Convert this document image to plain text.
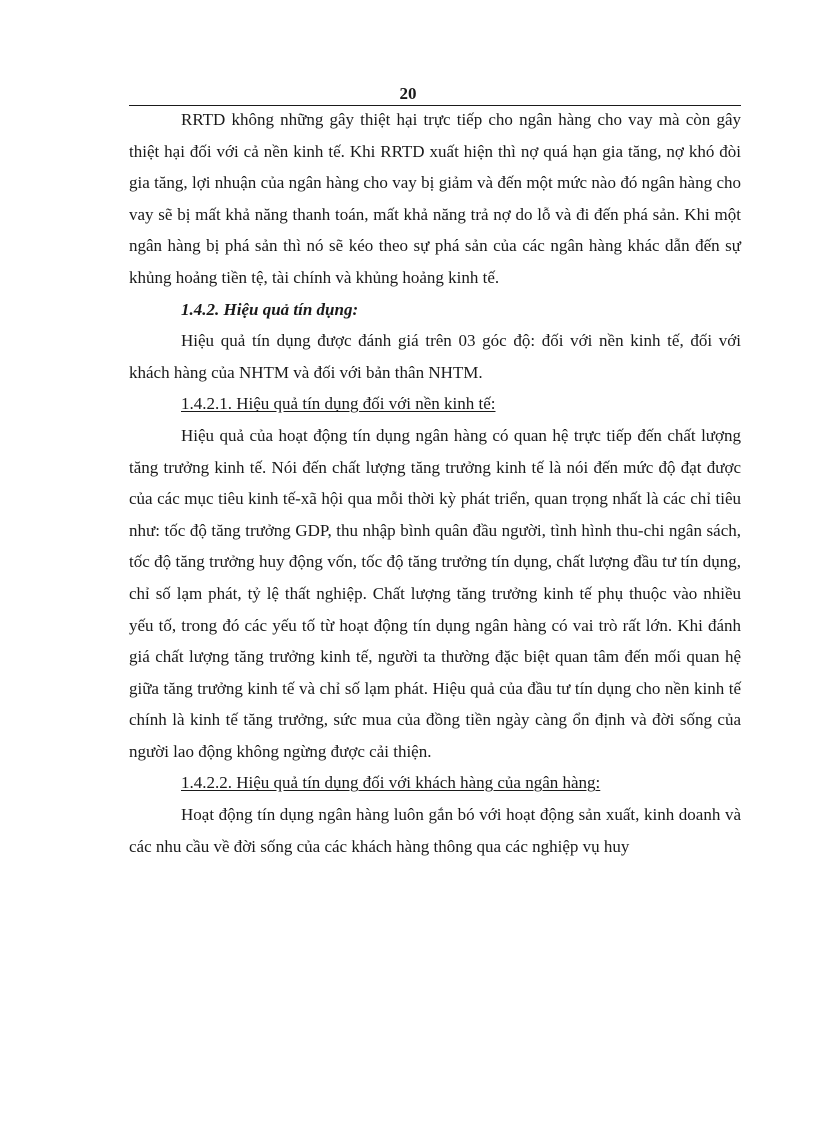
20

RRTD không những gây thiệt hại trực tiếp cho ngân hàng cho vay mà còn gây thiệt hại đối với cả nền kinh tế. Khi RRTD xuất hiện thì nợ quá hạn gia tăng, nợ khó đòi gia tăng, lợi nhuận của ngân hàng cho vay bị giảm và đến một mức nào đó ngân hàng cho vay sẽ bị mất khả năng thanh toán, mất khả năng trả nợ do lỗ và đi đến phá sản. Khi một ngân hàng bị phá sản thì nó sẽ kéo theo sự phá sản của các ngân hàng khác dẫn đến sự khủng hoảng tiền tệ, tài chính và khủng hoảng kinh tế.

1.4.2. Hiệu quả tín dụng:

Hiệu quả tín dụng được đánh giá trên 03 góc độ: đối với nền kinh tế, đối với khách hàng của NHTM và đối với bản thân NHTM.

1.4.2.1. Hiệu quả tín dụng đối với nền kinh tế:

Hiệu quả của hoạt động tín dụng ngân hàng có quan hệ trực tiếp đến chất lượng tăng trưởng kinh tế. Nói đến chất lượng tăng trưởng kinh tế là nói đến mức độ đạt được của các mục tiêu kinh tế-xã hội qua mỗi thời kỳ phát triển, quan trọng nhất là các chỉ tiêu như: tốc độ tăng trưởng GDP, thu nhập bình quân đầu người, tình hình thu-chi ngân sách, tốc độ tăng trưởng huy động vốn, tốc độ tăng trưởng tín dụng, chất lượng đầu tư tín dụng, chỉ số lạm phát, tỷ lệ thất nghiệp. Chất lượng tăng trưởng kinh tế phụ thuộc vào nhiều yếu tố, trong đó các yếu tố từ hoạt động tín dụng ngân hàng có vai trò rất lớn. Khi đánh giá chất lượng tăng trưởng kinh tế, người ta thường đặc biệt quan tâm đến mối quan hệ giữa tăng trưởng kinh tế và chỉ số lạm phát. Hiệu quả của đầu tư tín dụng cho nền kinh tế chính là kinh tế tăng trưởng, sức mua của đồng tiền ngày càng ổn định và đời sống của người lao động không ngừng được cải thiện.

1.4.2.2. Hiệu quả tín dụng đối với khách hàng của ngân hàng:

Hoạt động tín dụng ngân hàng luôn gắn bó với hoạt động sản xuất, kinh doanh và các nhu cầu về đời sống của các khách hàng thông qua các nghiệp vụ huy
